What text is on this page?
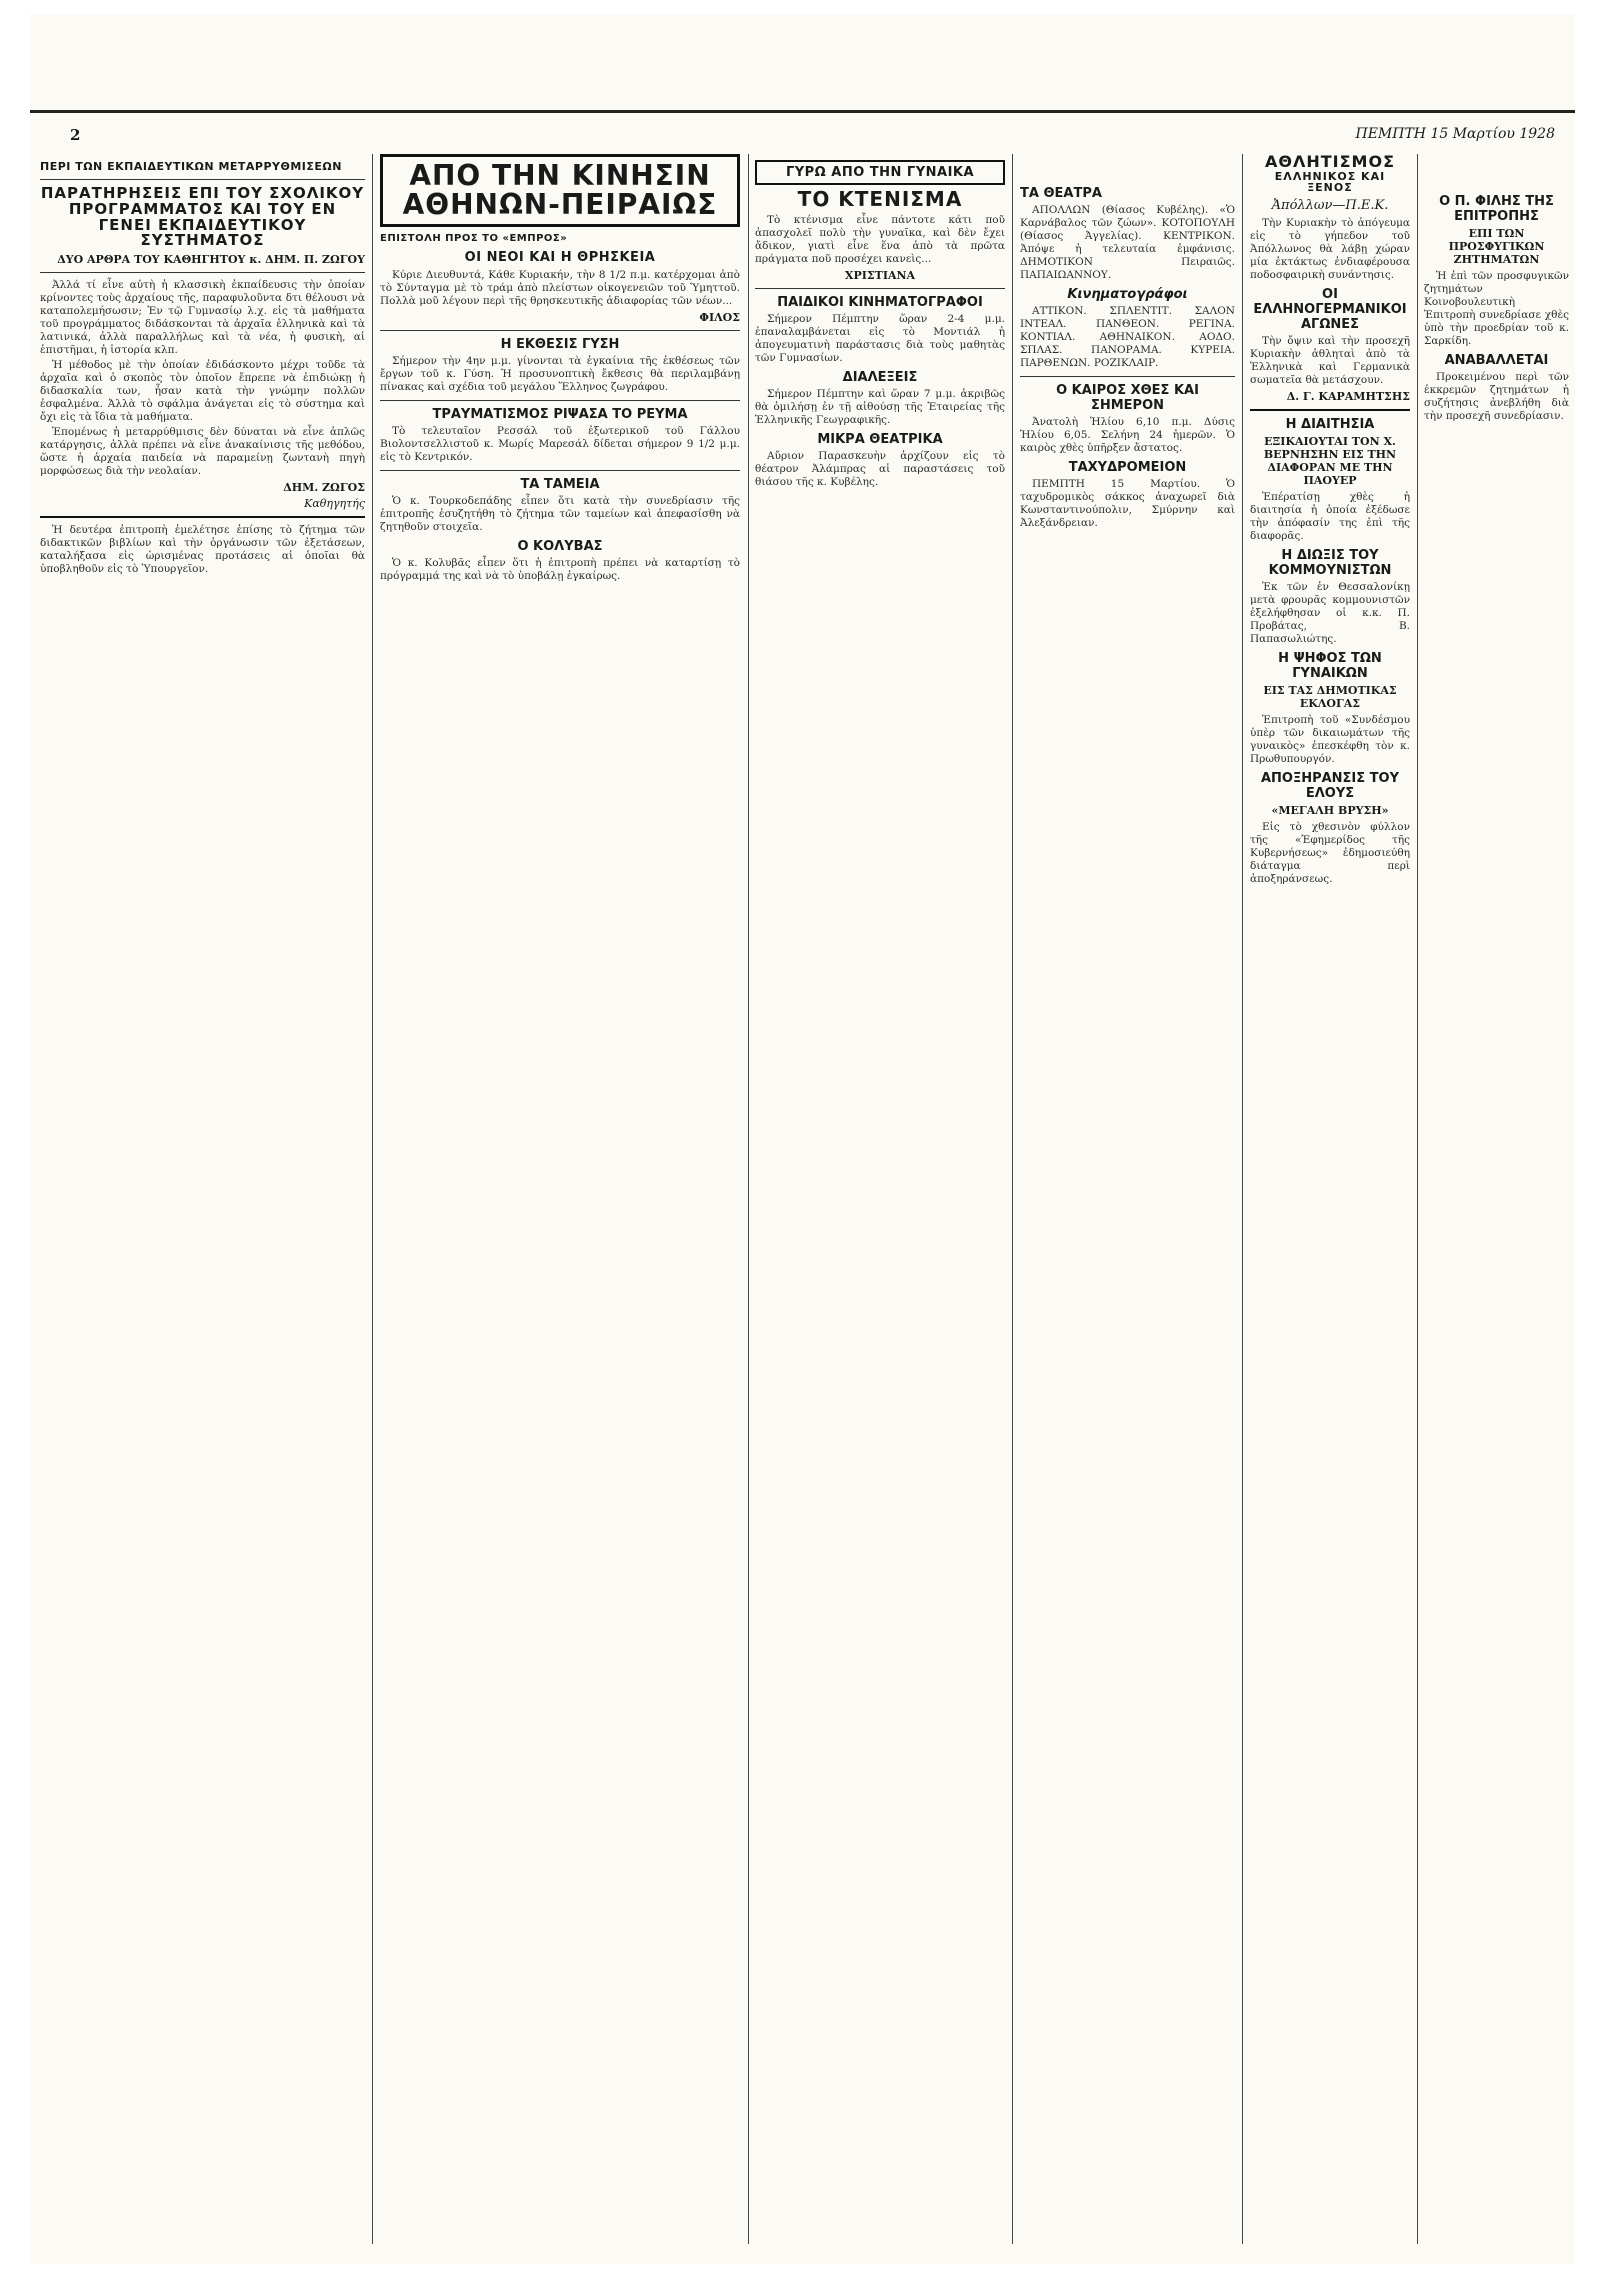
2	ΠΕΜΠΤΗ 15 Μαρτίου 1928
ΠΕΡΙ ΤΩΝ ΕΚΠΑΙΔΕΥΤΙΚΩΝ ΜΕΤΑΡΡΥΘΜΙΣΕΩΝ
ΠΑΡΑΤΗΡΗΣΕΙΣ ΕΠΙ ΤΟΥ ΣΧΟΛΙΚΟΥ ΠΡΟΓΡΑΜΜΑΤΟΣ ΚΑΙ ΤΟΥ ΕΝ ΓΕΝΕΙ ΕΚΠΑΙΔΕΥΤΙΚΟΥ ΣΥΣΤΗΜΑΤΟΣ
ΔΥΟ ΑΡΘΡΑ ΤΟΥ ΚΑΘΗΓΗΤΟΥ κ. ΔΗΜ. Π. ΖΩΓΟΥ

Ἀλλά τί εἶνε αὐτὴ ἡ κλασσικὴ ἐκπαίδευσις τὴν ὁποίαν κρίνοντες τοὺς ἀρχαίους τῆς, παραφυλοῦντα δτι θέλουσι νὰ καταπολεμήσωσιν; Ἐν τῷ Γυμνασίῳ λ.χ. εἰς τὰ μαθήματα τοῦ προγράμματος διδάσκονται τὰ ἀρχαῖα ἑλληνικὰ καὶ τὰ λατινικά, ἀλλὰ παραλλήλως καὶ τὰ νέα, ἡ φυσικὴ, αἱ ἐπιστῆμαι, ἡ ἱστορία κλπ.

Ἡ μέθοδος μὲ τὴν ὁποίαν ἐδιδάσκοντο μέχρι τοῦδε τὰ ἀρχαῖα καὶ ὁ σκοπὸς τὸν ὁποῖον ἔπρεπε νὰ ἐπιδιώκῃ ἡ διδασκαλία των, ἦσαν κατὰ τὴν γνώμην πολλῶν ἐσφαλμένα. Ἀλλὰ τὸ σφάλμα ἀνάγεται εἰς τὸ σύστημα καὶ ὄχι εἰς τὰ ἴδια τὰ μαθήματα.

Ἐπομένως ἡ μεταρρύθμισις δὲν δύναται νὰ εἶνε ἀπλῶς κατάργησις, ἀλλὰ πρέπει νὰ εἶνε ἀνακαίνισις τῆς μεθόδου, ὥστε ἡ ἀρχαία παιδεία νὰ παραμείνῃ ζωντανὴ πηγὴ μορφώσεως διὰ τὴν νεολαίαν.

ΔΗΜ. ΖΩΓΟΣ
Καθηγητής

Ἡ δευτέρα ἐπιτροπὴ ἐμελέτησε ἐπίσης τὸ ζήτημα τῶν διδακτικῶν βιβλίων καὶ τὴν ὀργάνωσιν τῶν ἐξετάσεων, καταλήξασα εἰς ὡρισμένας προτάσεις αἱ ὁποῖαι θὰ ὑποβληθοῦν εἰς τὸ Ὑπουργεῖον.

ΑΠΟ ΤΗΝ ΚΙΝΗΣΙΝ ΑΘΗΝΩΝ-ΠΕΙΡΑΙΩΣ
ΕΠΙΣΤΟΛΗ ΠΡΟΣ ΤΟ «ΕΜΠΡΟΣ»
ΟΙ ΝΕΟΙ ΚΑΙ Η ΘΡΗΣΚΕΙΑ

Κύριε Διευθυντά, Κάθε Κυριακήν, τὴν 8 1/2 π.μ. κατέρχομαι ἀπὸ τὸ Σύνταγμα μὲ τὸ τράμ ἀπὸ πλείστων οἰκογενειῶν τοῦ Ὑμηττοῦ. Πολλὰ μοῦ λέγουν περὶ τῆς θρησκευτικῆς ἀδιαφορίας τῶν νέων...

ΦΙΛΟΣ
Η ΕΚΘΕΣΙΣ ΓΥΣΗ

Σήμερον τὴν 4ην μ.μ. γίνονται τὰ ἐγκαίνια τῆς ἐκθέσεως τῶν ἔργων τοῦ κ. Γύση. Ἡ προσυνοπτικὴ ἔκθεσις θὰ περιλαμβάνῃ πίνακας καὶ σχέδια τοῦ μεγάλου Ἕλληνος ζωγράφου.

ΤΡΑΥΜΑΤΙΣΜΟΣ ΡΙΨΑΣΑ ΤΟ ΡΕΥΜΑ

Τὸ τελευταῖον Ρεσσάλ τοῦ ἐξωτερικοῦ τοῦ Γάλλου Βιολοντσελλιστοῦ κ. Μωρίς Μαρεσάλ δίδεται σήμερον 9 1/2 μ.μ. εἰς τὸ Κεντρικόν.

ΤΑ ΤΑΜΕΙΑ

Ὁ κ. Τουρκοδεπάδης εἶπεν ὅτι κατὰ τὴν συνεδρίασιν τῆς ἐπιτροπῆς ἐσυζητήθη τὸ ζήτημα τῶν ταμείων καὶ ἀπεφασίσθη νὰ ζητηθοῦν στοιχεῖα.

Ο ΚΟΛΥΒΑΣ

Ὁ κ. Κολυβᾶς εἶπεν ὅτι ἡ ἐπιτροπὴ πρέπει νὰ καταρτίσῃ τὸ πρόγραμμά της καὶ νὰ τὸ ὑποβάλῃ ἐγκαίρως.

ΓΥΡΩ ΑΠΟ ΤΗΝ ΓΥΝΑΙΚΑ
ΤΟ ΚΤΕΝΙΣΜΑ

Τὸ κτένισμα εἶνε πάντοτε κάτι ποῦ ἀπασχολεῖ πολὺ τὴν γυναῖκα, καὶ δὲν ἔχει ἄδικον, γιατὶ εἶνε ἕνα ἀπὸ τὰ πρῶτα πράγματα ποῦ προσέχει κανεὶς...

ΧΡΙΣΤΙΑΝΑ
ΠΑΙΔΙΚΟΙ ΚΙΝΗΜΑΤΟΓΡΑΦΟΙ

Σήμερον Πέμπτην ὥραν 2-4 μ.μ. ἐπαναλαμβάνεται εἰς τὸ Μοντιάλ ἡ ἀπογευματινὴ παράστασις διὰ τοὺς μαθητὰς τῶν Γυμνασίων.

ΔΙΑΛΕΞΕΙΣ

Σήμερον Πέμπτην καὶ ὥραν 7 μ.μ. ἀκριβῶς θὰ ὁμιλήσῃ ἐν τῇ αἰθούσῃ τῆς Ἑταιρείας τῆς Ἑλληνικῆς Γεωγραφικῆς.

ΜΙΚΡΑ ΘΕΑΤΡΙΚΑ

Αὔριον Παρασκευὴν ἀρχίζουν εἰς τὸ θέατρον Ἀλάμπρας αἱ παραστάσεις τοῦ θιάσου τῆς κ. Κυβέλης.

ΤΑ ΘΕΑΤΡΑ

ΑΠΟΛΛΩΝ (Θίασος Κυβέλης). «Ὁ Καρνάβαλος τῶν ζώων». ΚΟΤΟΠΟΥΛΗ (Θίασος Ἀγγελίας). ΚΕΝΤΡΙΚΟΝ. Ἀπόψε ἡ τελευταία ἐμφάνισις. ΔΗΜΟΤΙΚΟΝ Πειραιῶς. ΠΑΠΑΙΩΑΝΝΟΥ.

Κινηματογράφοι

ΑΤΤΙΚΟΝ. ΣΠΛΕΝΤΙΤ. ΣΑΛΟΝ ΙΝΤΕΑΛ. ΠΑΝΘΕΟΝ. ΡΕΓΙΝΑ. ΚΟΝΤΙΑΛ. ΑΘΗΝΑΙΚΟΝ. ΑΟΔΟ. ΣΠΛΑΣ. ΠΑΝΟΡΑΜΑ. ΚΥΡΕΙΑ. ΠΑΡΘΕΝΩΝ. ΡΟΖΙΚΛΑΙΡ.

Ο ΚΑΙΡΟΣ ΧΘΕΣ ΚΑΙ ΣΗΜΕΡΟΝ

Ἀνατολὴ Ἡλίου 6,10 π.μ. Δύσις Ἡλίου 6,05. Σελήνη 24 ἡμερῶν. Ὁ καιρὸς χθὲς ὑπῆρξεν ἄστατος.

ΤΑΧΥΔΡΟΜΕΙΟΝ

ΠΕΜΠΤΗ 15 Μαρτίου. Ὁ ταχυδρομικὸς σάκκος ἀναχωρεῖ διὰ Κωνσταντινούπολιν, Σμύρνην καὶ Ἀλεξάνδρειαν.

ΑΘΛΗΤΙΣΜΟΣ
ΕΛΛΗΝΙΚΟΣ ΚΑΙ ΞΕΝΟΣ
Ἀπόλλων—Π.Ε.Κ.

Τὴν Κυριακὴν τὸ ἀπόγευμα εἰς τὸ γήπεδον τοῦ Ἀπόλλωνος θὰ λάβῃ χώραν μία ἐκτάκτως ἐνδιαφέρουσα ποδοσφαιρικὴ συνάντησις.

ΟΙ ΕΛΛΗΝΟΓΕΡΜΑΝΙΚΟΙ ΑΓΩΝΕΣ

Τὴν ὄψιν καὶ τὴν προσεχῆ Κυριακὴν ἀθληταὶ ἀπὸ τὰ Ἑλληνικὰ καὶ Γερμανικὰ σωματεῖα θὰ μετάσχουν.

Δ. Γ. ΚΑΡΑΜΗΤΣΗΣ
Η ΔΙΑΙΤΗΣΙΑ
ΕΞΙΚΑΙΟΥΤΑΙ ΤΟΝ Χ. ΒΕΡΝΗΣΗΝ ΕΙΣ ΤΗΝ ΔΙΑΦΟΡΑΝ ΜΕ ΤΗΝ ΠΑΟΥΕΡ

Ἐπέρατίσῃ χθὲς ἡ διαιτησία ἡ ὁποία ἐξέδωσε τὴν ἀπόφασίν της ἐπὶ τῆς διαφορᾶς.

Η ΔΙΩΞΙΣ ΤΟΥ ΚΟΜΜΟΥΝΙΣΤΩΝ

Ἐκ τῶν ἐν Θεσσαλονίκῃ μετὰ φρουρᾶς κομμουνιστῶν ἐξελήφθησαν οἱ κ.κ. Π. Προβάτας, Β. Παπασωλιώτης.

Η ΨΗΦΟΣ ΤΩΝ ΓΥΝΑΙΚΩΝ
ΕΙΣ ΤΑΣ ΔΗΜΟΤΙΚΑΣ ΕΚΛΟΓΑΣ

Ἐπιτροπὴ τοῦ «Συνδέσμου ὑπὲρ τῶν δικαιωμάτων τῆς γυναικὸς» ἐπεσκέφθη τὸν κ. Πρωθυπουργόν.

ΑΠΟΞΗΡΑΝΣΙΣ ΤΟΥ ΕΛΟΥΣ
«ΜΕΓΑΛΗ ΒΡΥΣΗ»

Εἰς τὸ χθεσινὸν φύλλον τῆς «Ἐφημερίδος τῆς Κυβερνήσεως» ἐδημοσιεύθη διάταγμα περὶ ἀποξηράνσεως.

Ο Π. ΦΙΛΗΣ ΤΗΣ ΕΠΙΤΡΟΠΗΣ
ΕΠΙ ΤΩΝ ΠΡΟΣΦΥΓΙΚΩΝ ΖΗΤΗΜΑΤΩΝ

Ἡ ἐπὶ τῶν προσφυγικῶν ζητημάτων Κοινοβουλευτικὴ Ἐπιτροπὴ συνεδρίασε χθὲς ὑπὸ τὴν προεδρίαν τοῦ κ. Σαρκίδη.

ΑΝΑΒΑΛΛΕΤΑΙ

Προκειμένου περὶ τῶν ἐκκρεμῶν ζητημάτων ἡ συζήτησις ἀνεβλήθη διὰ τὴν προσεχῆ συνεδρίασιν.
